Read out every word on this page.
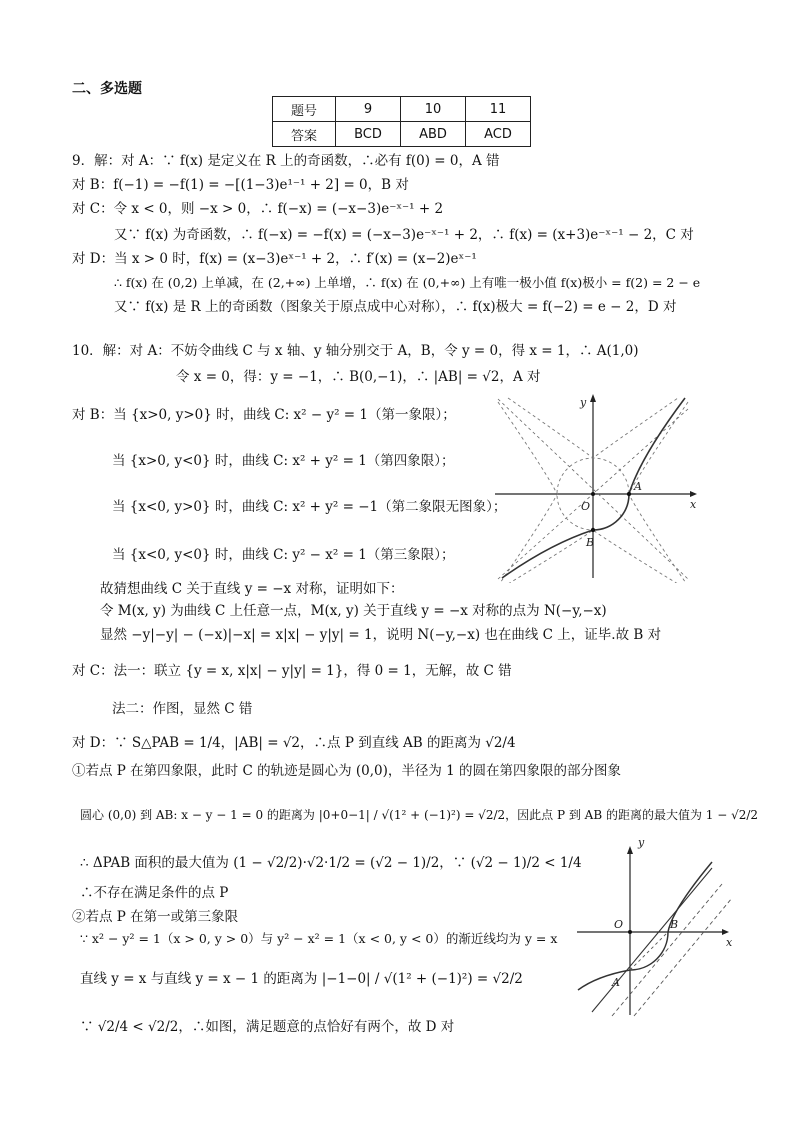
二、多选题
题号	9	10	11
答案	BCD	ABD	ACD
9．解：对 A：∵ f(x) 是定义在 R 上的奇函数，∴必有 f(0) = 0，A 错
对 B：f(−1) = −f(1) = −[(1−3)e¹⁻¹ + 2] = 0，B 对
对 C：令 x < 0，则 −x > 0，∴ f(−x) = (−x−3)e⁻ˣ⁻¹ + 2
又∵ f(x) 为奇函数，∴ f(−x) = −f(x) = (−x−3)e⁻ˣ⁻¹ + 2，∴ f(x) = (x+3)e⁻ˣ⁻¹ − 2，C 对
对 D：当 x > 0 时，f(x) = (x−3)eˣ⁻¹ + 2，∴ f′(x) = (x−2)eˣ⁻¹
∴ f(x) 在 (0,2) 上单减，在 (2,+∞) 上单增，∴ f(x) 在 (0,+∞) 上有唯一极小值 f(x)极小 = f(2) = 2 − e
又∵ f(x) 是 R 上的奇函数（图象关于原点成中心对称），∴ f(x)极大 = f(−2) = e − 2，D 对
10．解：对 A：不妨令曲线 C 与 x 轴、y 轴分别交于 A，B，令 y = 0，得 x = 1，∴ A(1,0)
令 x = 0，得：y = −1，∴ B(0,−1)，∴ |AB| = √2，A 对
对 B：当 {x>0, y>0} 时，曲线 C: x² − y² = 1（第一象限）；
当 {x>0, y<0} 时，曲线 C: x² + y² = 1（第四象限）；
当 {x<0, y>0} 时，曲线 C: x² + y² = −1（第二象限无图象）；
当 {x<0, y<0} 时，曲线 C: y² − x² = 1（第三象限）；
故猜想曲线 C 关于直线 y = −x 对称，证明如下：
令 M(x, y) 为曲线 C 上任意一点，M(x, y) 关于直线 y = −x 对称的点为 N(−y,−x)
显然 −y|−y| − (−x)|−x| = x|x| − y|y| = 1，说明 N(−y,−x) 也在曲线 C 上，证毕.故 B 对
对 C：法一：联立 {y = x, x|x| − y|y| = 1}，得 0 = 1，无解，故 C 错
法二：作图，显然 C 错
对 D：∵ S△PAB = 1/4，|AB| = √2，∴点 P 到直线 AB 的距离为 √2/4
①若点 P 在第四象限，此时 C 的轨迹是圆心为 (0,0)，半径为 1 的圆在第四象限的部分图象
圆心 (0,0) 到 AB: x − y − 1 = 0 的距离为 |0+0−1| / √(1² + (−1)²) = √2/2，因此点 P 到 AB 的距离的最大值为 1 − √2/2
∴ ΔPAB 面积的最大值为 (1 − √2/2)·√2·1/2 = (√2 − 1)/2，∵ (√2 − 1)/2 < 1/4
∴不存在满足条件的点 P
②若点 P 在第一或第三象限
∵ x² − y² = 1（x > 0, y > 0）与 y² − x² = 1（x < 0, y < 0）的渐近线均为 y = x
直线 y = x 与直线 y = x − 1 的距离为 |−1−0| / √(1² + (−1)²) = √2/2
∵ √2/4 < √2/2，∴如图，满足题意的点恰好有两个，故 D 对
y
x
O
A
B
y
x
O	B
A
